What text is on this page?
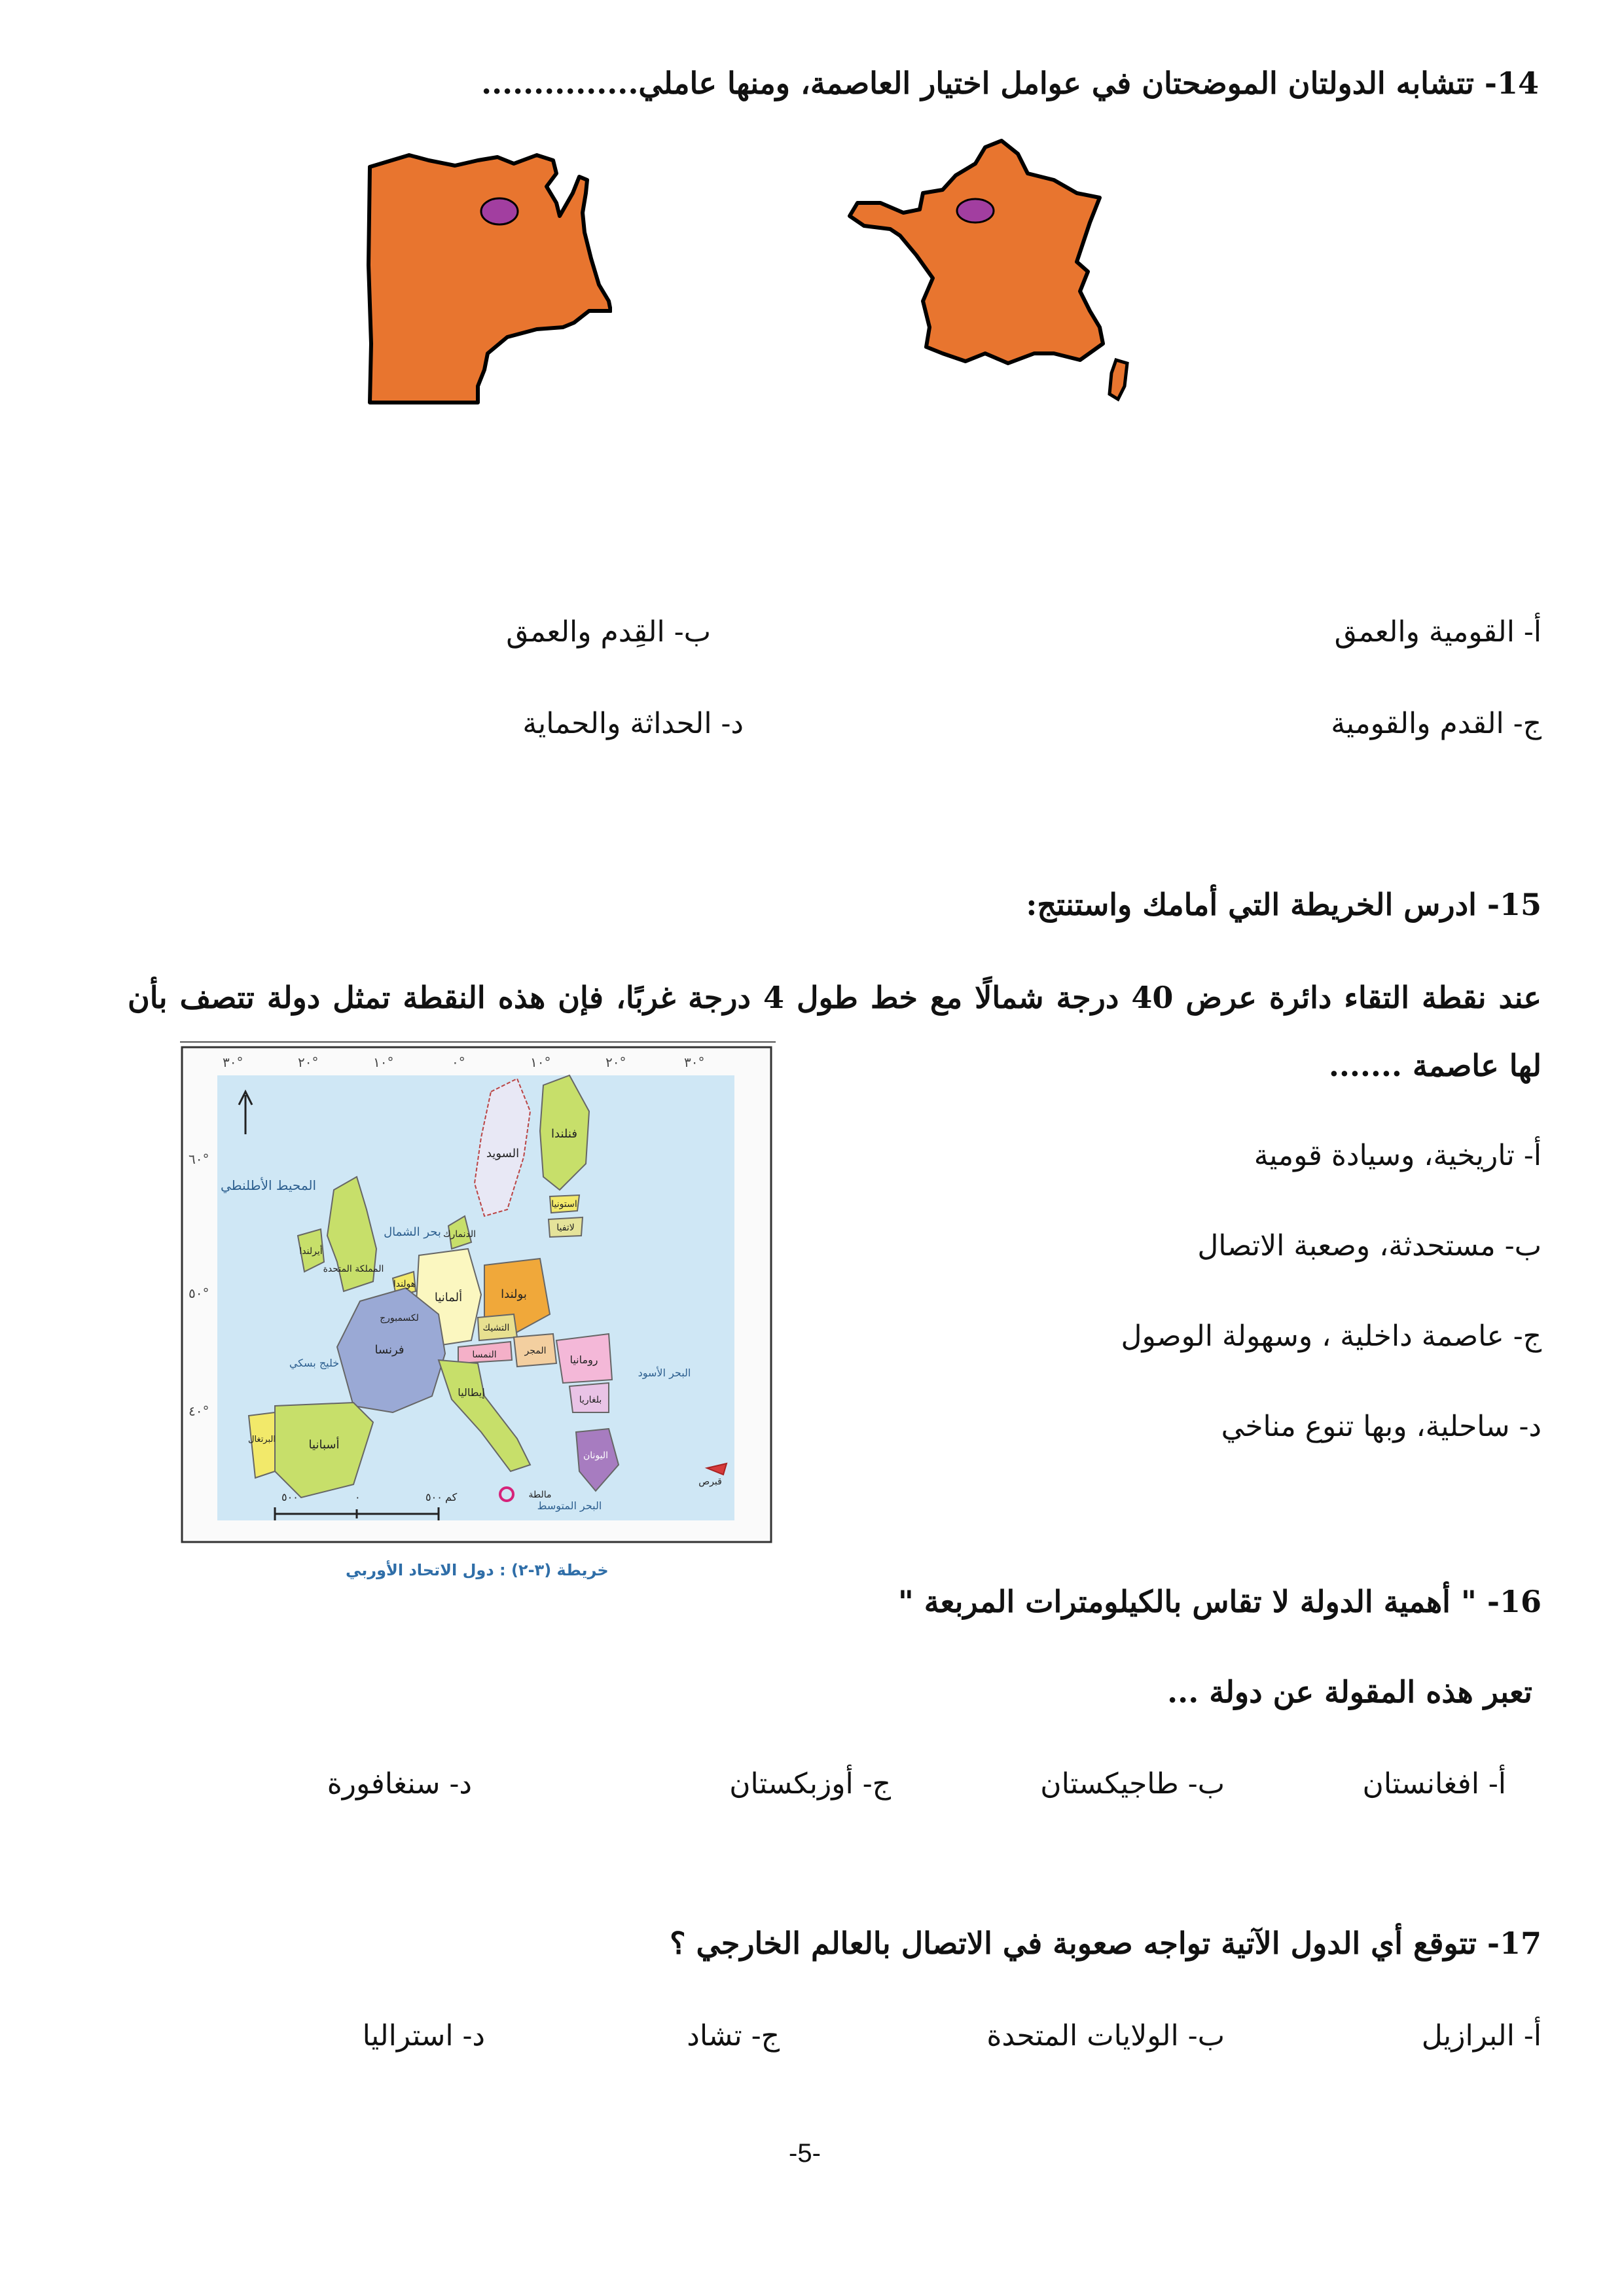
14- تتشابه الدولتان الموضحتان في عوامل اختيار العاصمة، ومنها عاملي...............
أ- القومية والعمق
ب- القِدم والعمق
ج- القدم والقومية
د- الحداثة والحماية
15- ادرس الخريطة التي أمامك واستنتج:
عند نقطة التقاء دائرة عرض 40 درجة شمالًا مع خط طول 4 درجة غربًا، فإن هذه النقطة تمثل دولة تتصف بأن لها عاصمة .......
٣٠°	٢٠°	١٠°	٠°	١٠°	٢٠°	٣٠°
٦٠°
٥٠°
٤٠°
المحيط الأطلنطي
بحر الشمال
فنلندا
السويد
استونيا
لاتفيا
الدنمارك
المملكة المتحدة
أيرلندا
هولندا
ألمانيا	بولندا
التشيك
لكسمبورج
النمسا	المجر
رومانيا
بلغاريا
البحر الأسود
فرنسا
خليج بسكي
أسبانيا
البرتغال
إيطاليا
اليونان
البحر المتوسط
مالطة
قبرص
٥٠٠	٠	٥٠٠ كم
خريطة (٣-٢) : دول الاتحاد الأوربي
أ- تاريخية، وسيادة قومية
ب- مستحدثة، وصعبة الاتصال
ج- عاصمة داخلية ، وسهولة الوصول
د- ساحلية، وبها تنوع مناخي
16- " أهمية الدولة لا تقاس بالكيلومترات المربعة "
تعبر هذه المقولة عن دولة ...
أ- افغانستان
ب- طاجيكستان
ج- أوزبكستان
د- سنغافورة
17- تتوقع أي الدول الآتية تواجه صعوبة في الاتصال بالعالم الخارجي ؟
أ- البرازيل
ب- الولايات المتحدة
ج- تشاد
د- استراليا
-5-
